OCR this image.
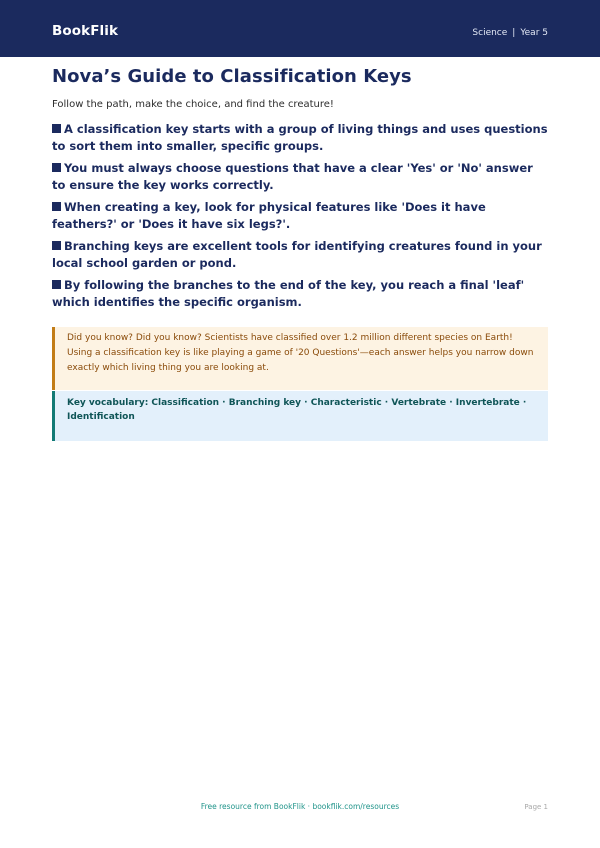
BookFlik	Science | Year 5
Nova’s Guide to Classification Keys

Follow the path, make the choice, and find the creature!

A classification key starts with a group of living things and uses questions to sort them into smaller, specific groups.
You must always choose questions that have a clear 'Yes' or 'No' answer to ensure the key works correctly.
When creating a key, look for physical features like 'Does it have feathers?' or 'Does it have six legs?'.
Branching keys are excellent tools for identifying creatures found in your local school garden or pond.
By following the branches to the end of the key, you reach a final 'leaf' which identifies the specific organism.
Did you know? Did you know? Scientists have classified over 1.2 million different species on Earth! Using a classification key is like playing a game of '20 Questions'—each answer helps you narrow down exactly which living thing you are looking at.
Key vocabulary: Classification · Branching key · Characteristic · Vertebrate · Invertebrate · Identification
Free resource from BookFlik · bookflik.com/resources	Page 1
